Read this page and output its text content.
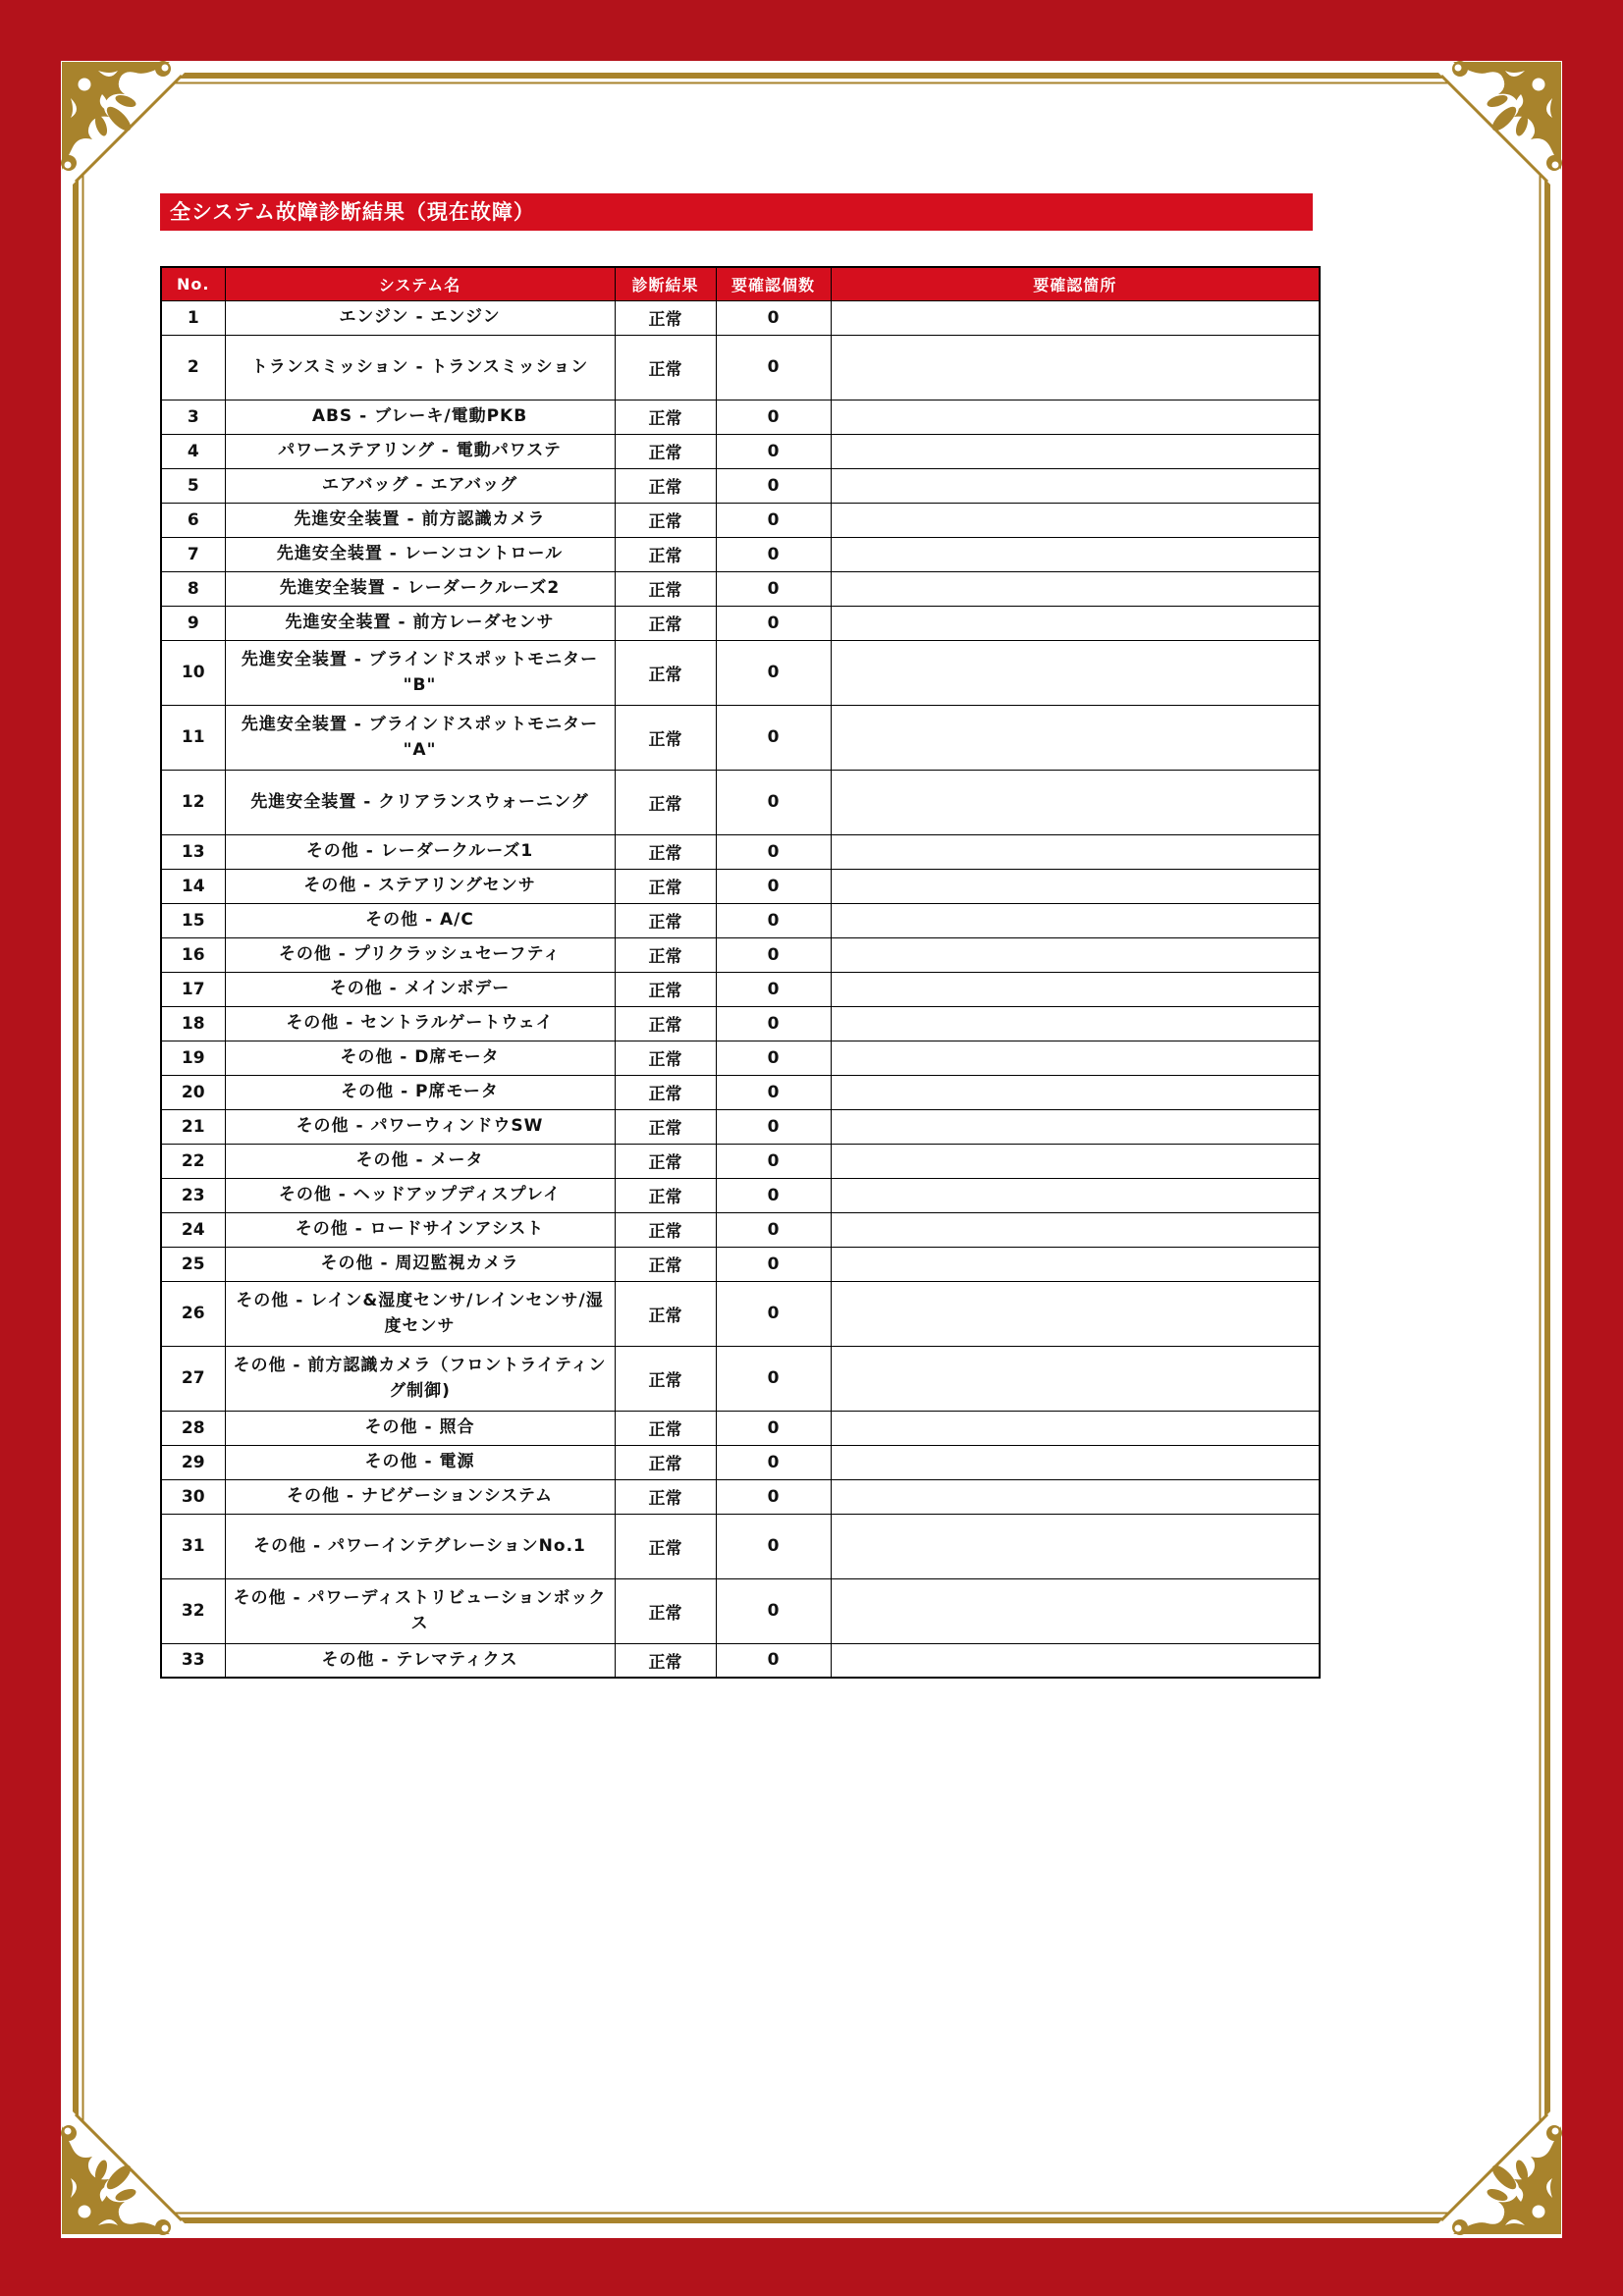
全システム故障診断結果（現在故障）
No.	システム名	診断結果	要確認個数	要確認箇所
1	エンジン - エンジン	正常	0	
2	トランスミッション - トランスミッション	正常	0	
3	ABS - ブレーキ/電動PKB	正常	0	
4	パワーステアリング - 電動パワステ	正常	0	
5	エアバッグ - エアバッグ	正常	0	
6	先進安全装置 - 前方認識カメラ	正常	0	
7	先進安全装置 - レーンコントロール	正常	0	
8	先進安全装置 - レーダークルーズ2	正常	0	
9	先進安全装置 - 前方レーダセンサ	正常	0	
10	先進安全装置 - ブラインドスポットモニター "B"	正常	0	
11	先進安全装置 - ブラインドスポットモニター "A"	正常	0	
12	先進安全装置 - クリアランスウォーニング	正常	0	
13	その他 - レーダークルーズ1	正常	0	
14	その他 - ステアリングセンサ	正常	0	
15	その他 - A/C	正常	0	
16	その他 - プリクラッシュセーフティ	正常	0	
17	その他 - メインボデー	正常	0	
18	その他 - セントラルゲートウェイ	正常	0	
19	その他 - D席モータ	正常	0	
20	その他 - P席モータ	正常	0	
21	その他 - パワーウィンドウSW	正常	0	
22	その他 - メータ	正常	0	
23	その他 - ヘッドアップディスプレイ	正常	0	
24	その他 - ロードサインアシスト	正常	0	
25	その他 - 周辺監視カメラ	正常	0	
26	その他 - レイン&湿度センサ/レインセンサ/湿度センサ	正常	0	
27	その他 - 前方認識カメラ（フロントライティング制御)	正常	0	
28	その他 - 照合	正常	0	
29	その他 - 電源	正常	0	
30	その他 - ナビゲーションシステム	正常	0	
31	その他 - パワーインテグレーションNo.1	正常	0	
32	その他 - パワーディストリビューションボックス	正常	0	
33	その他 - テレマティクス	正常	0	
